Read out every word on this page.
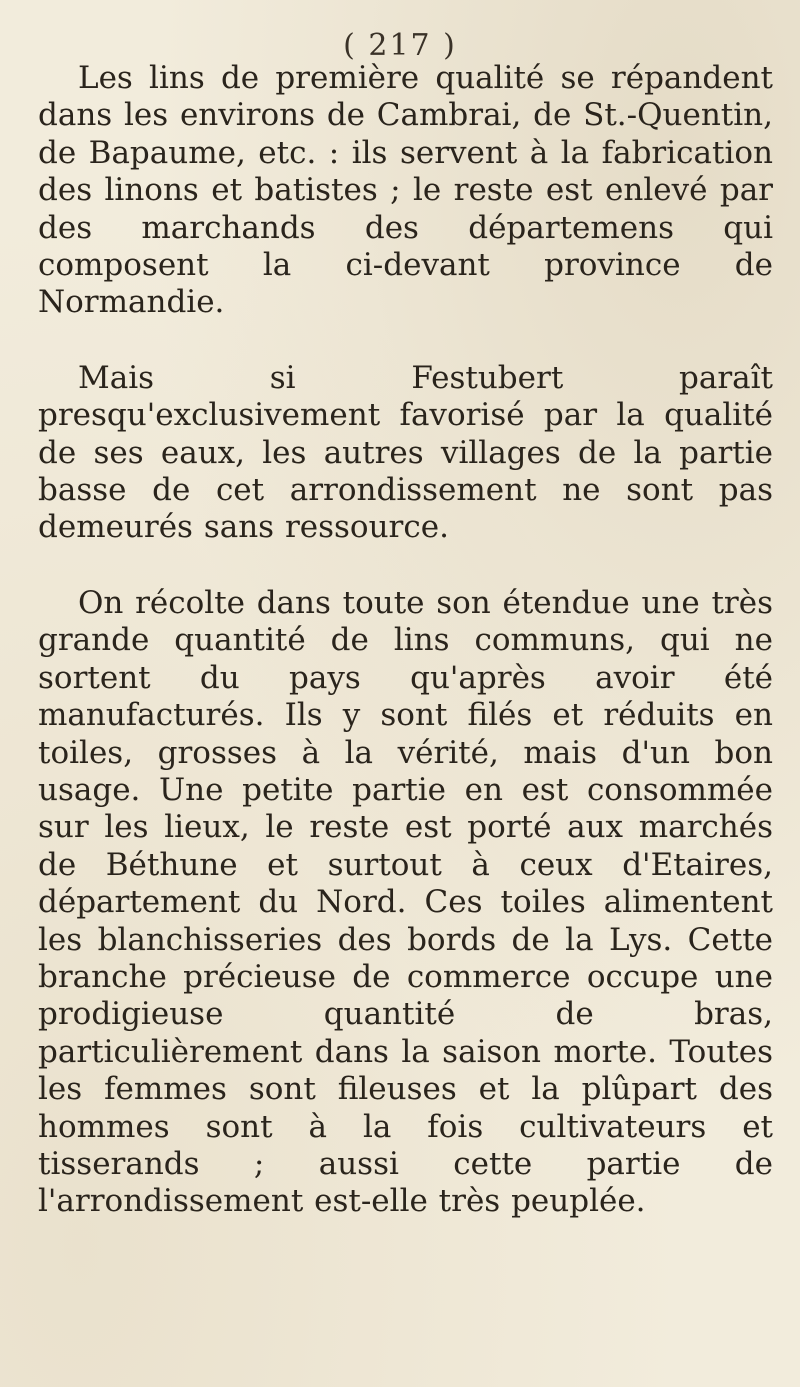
( 217 )

Les lins de première qualité se répandent dans les environs de Cambrai, de St.-Quentin, de Bapaume, etc. : ils servent à la fabrication des linons et batistes ; le reste est enlevé par des marchands des départemens qui composent la ci-devant province de Normandie.

Mais si Festubert paraît presqu'exclusivement favorisé par la qualité de ses eaux, les autres villages de la partie basse de cet arrondissement ne sont pas demeurés sans ressource.

On récolte dans toute son étendue une très grande quantité de lins communs, qui ne sortent du pays qu'après avoir été manufacturés. Ils y sont filés et réduits en toiles, grosses à la vérité, mais d'un bon usage. Une petite partie en est consommée sur les lieux, le reste est porté aux marchés de Béthune et surtout à ceux d'Etaires, département du Nord. Ces toiles alimentent les blanchisseries des bords de la Lys. Cette branche précieuse de commerce occupe une prodigieuse quantité de bras, particulièrement dans la saison morte. Toutes les femmes sont fileuses et la plûpart des hommes sont à la fois cultivateurs et tisserands ; aussi cette partie de l'arrondissement est-elle très peuplée.
